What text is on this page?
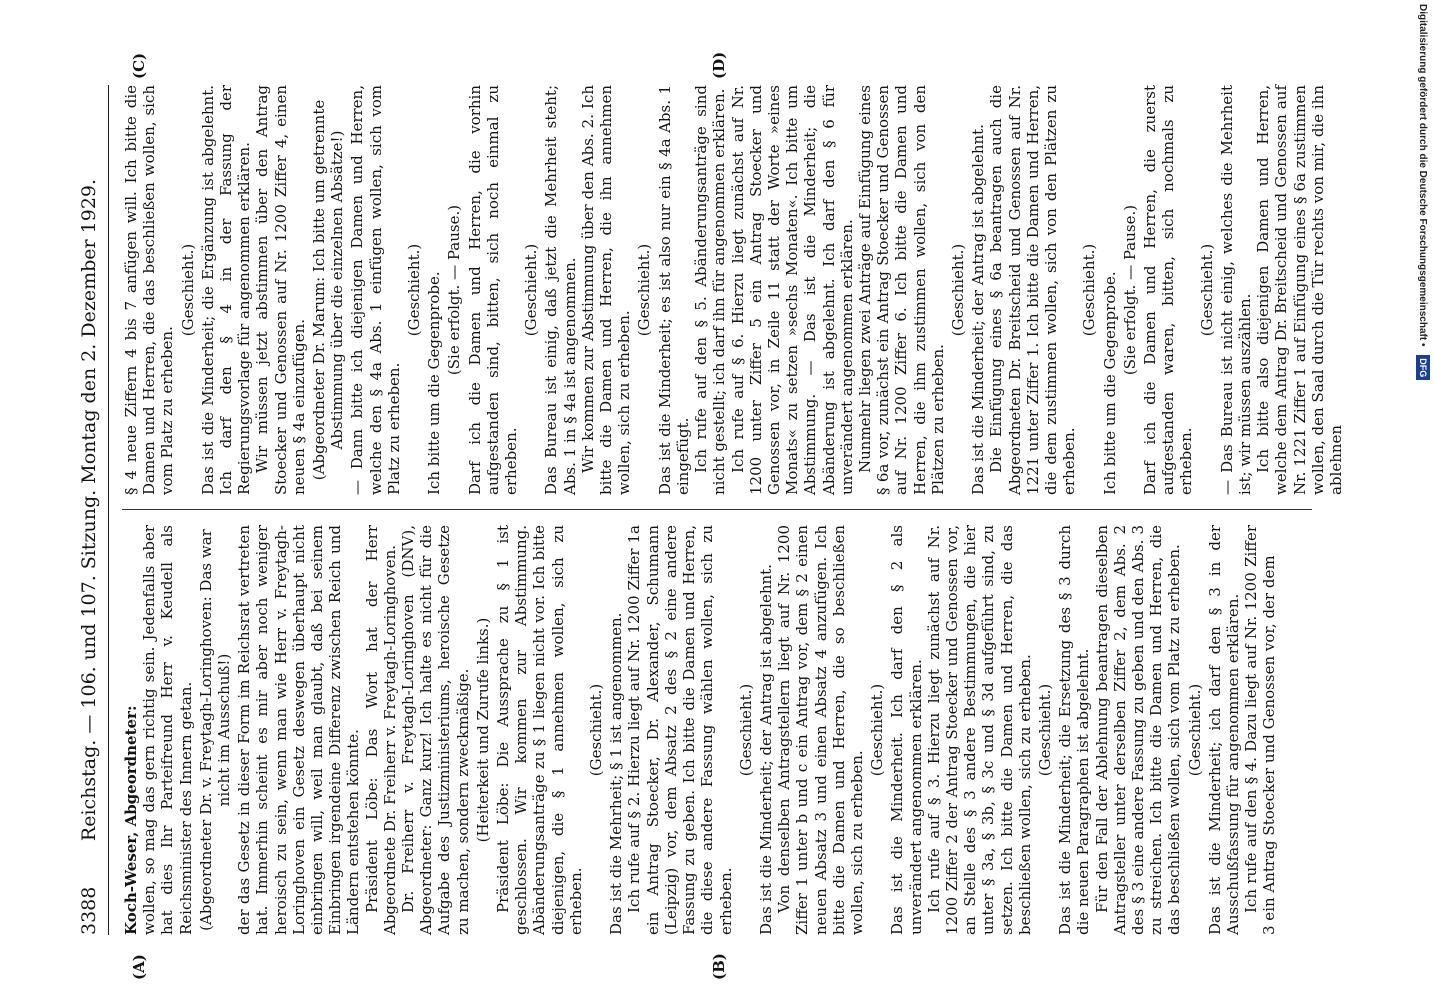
3388
Reichstag. — 106. und 107. Sitzung. Montag den 2. Dezember 1929.
(A)	(B)
(C)	(D)
Koch-Weser, Abgeordneter: wollen, so mag das gern richtig sein. Jedenfalls aber hat dies Ihr Parteifreund Herr v. Keudell als Reichsminister des Innern getan. (Abgeordneter Dr. v. Freytagh-Loringhoven: Das war nicht im Ausschuß!) der das Gesetz in dieser Form im Reichsrat vertreten hat. Immerhin scheint es mir aber noch weniger heroisch zu sein, wenn man wie Herr v. Freytagh-Loringhoven ein Gesetz deswegen überhaupt nicht einbringen will, weil man glaubt, daß bei seinem Einbringen irgendeine Differenz zwischen Reich und Ländern entstehen könnte. Präsident Löbe: Das Wort hat der Herr Abgeordnete Dr. Freiherr v. Freytagh-Loringhoven. Dr. Freiherr v. Freytagh-Loringhoven (DNV), Abgeordneter: Ganz kurz! Ich halte es nicht für die Aufgabe des Justizministeriums, heroische Gesetze zu machen, sondern zweckmäßige. (Heiterkeit und Zurufe links.) Präsident Löbe: Die Aussprache zu § 1 ist geschlossen. Wir kommen zur Abstimmung. Abänderungsanträge zu § 1 liegen nicht vor. Ich bitte diejenigen, die § 1 annehmen wollen, sich zu erheben.
(Geschieht.) Das ist die Mehrheit; § 1 ist angenommen. Ich rufe auf § 2. Hierzu liegt auf Nr. 1200 Ziffer 1a ein Antrag Stoecker, Dr. Alexander, Schumann (Leipzig) vor, dem Absatz 2 des § 2 eine andere Fassung zu geben. Ich bitte die Damen und Herren, die diese andere Fassung wählen wollen, sich zu erheben.
(Geschieht.) Das ist die Minderheit; der Antrag ist abgelehnt. Von denselben Antragstellern liegt auf Nr. 1200 Ziffer 1 unter b und c ein Antrag vor, dem § 2 einen neuen Absatz 3 und einen Absatz 4 anzufügen. Ich bitte die Damen und Herren, die so beschließen wollen, sich zu erheben.
(Geschieht.) Das ist die Minderheit. Ich darf den § 2 als unverändert angenommen erklären. Ich rufe auf § 3. Hierzu liegt zunächst auf Nr. 1200 Ziffer 2 der Antrag Stoecker und Genossen vor, an Stelle des § 3 andere Bestimmungen, die hier unter § 3a, § 3b, § 3c und § 3d aufgeführt sind, zu setzen. Ich bitte die Damen und Herren, die das beschließen wollen, sich zu erheben. (Geschieht.) Das ist die Minderheit; die Ersetzung des § 3 durch die neuen Paragraphen ist abgelehnt. Für den Fall der Ablehnung beantragen dieselben Antragsteller unter derselben Ziffer 2, dem Abs. 2 des § 3 eine andere Fassung zu geben und den Abs. 3 zu streichen. Ich bitte die Damen und Herren, die das beschließen wollen, sich vom Platz zu erheben. (Geschieht.) Das ist die Minderheit; ich darf den § 3 in der Ausschußfassung für angenommen erklären. Ich rufe auf den § 4. Dazu liegt auf Nr. 1200 Ziffer 3 ein Antrag Stoecker und Genossen vor, der dem
§ 4 neue Ziffern 4 bis 7 anfügen will. Ich bitte die Damen und Herren, die das beschließen wollen, sich vom Platz zu erheben.
(Geschieht.) Das ist die Minderheit; die Ergänzung ist abgelehnt. Ich darf den § 4 in der Fassung der Regierungsvorlage für angenommen erklären. Wir müssen jetzt abstimmen über den Antrag Stoecker und Genossen auf Nr. 1200 Ziffer 4, einen neuen § 4a einzufügen. (Abgeordneter Dr. Marum: Ich bitte um getrennte Abstimmung über die einzelnen Absätze!) — Dann bitte ich diejenigen Damen und Herren, welche den § 4a Abs. 1 einfügen wollen, sich vom Platz zu erheben.
(Geschieht.) Ich bitte um die Gegenprobe. (Sie erfolgt. — Pause.) Darf ich die Damen und Herren, die vorhin aufgestanden sind, bitten, sich noch einmal zu erheben.
(Geschieht.) Das Bureau ist einig, daß jetzt die Mehrheit steht; Abs. 1 in § 4a ist angenommen. Wir kommen zur Abstimmung über den Abs. 2. Ich bitte die Damen und Herren, die ihn annehmen wollen, sich zu erheben.
(Geschieht.) Das ist die Minderheit; es ist also nur ein § 4a Abs. 1 eingefügt. Ich rufe auf den § 5. Abänderungsanträge sind nicht gestellt; ich darf ihn für angenommen erklären. Ich rufe auf § 6. Hierzu liegt zunächst auf Nr. 1200 unter Ziffer 5 ein Antrag Stoecker und Genossen vor, in Zeile 11 statt der Worte »eines Monats« zu setzen »sechs Monaten«. Ich bitte um Abstimmung. — Das ist die Minderheit; die Abänderung ist abgelehnt. Ich darf den § 6 für unverändert angenommen erklären. Nunmehr liegen zwei Anträge auf Einfügung eines § 6a vor, zunächst ein Antrag Stoecker und Genossen auf Nr. 1200 Ziffer 6. Ich bitte die Damen und Herren, die ihm zustimmen wollen, sich von den Plätzen zu erheben.
(Geschieht.) Das ist die Minderheit; der Antrag ist abgelehnt. Die Einfügung eines § 6a beantragen auch die Abgeordneten Dr. Breitscheid und Genossen auf Nr. 1221 unter Ziffer 1. Ich bitte die Damen und Herren, die dem zustimmen wollen, sich von den Plätzen zu erheben.
(Geschieht.) Ich bitte um die Gegenprobe. (Sie erfolgt. — Pause.) Darf ich die Damen und Herren, die zuerst aufgestanden waren, bitten, sich nochmals zu erheben.
(Geschieht.) — Das Bureau ist nicht einig, welches die Mehrheit ist; wir müssen auszählen. Ich bitte also diejenigen Damen und Herren, welche dem Antrag Dr. Breitscheid und Genossen auf Nr. 1221 Ziffer 1 auf Einfügung eines § 6a zustimmen wollen, den Saal durch die Tür rechts von mir, die ihn ablehnen
Digitalisierung gefördert durch die Deutsche Forschungsgemeinschaft • DFG
